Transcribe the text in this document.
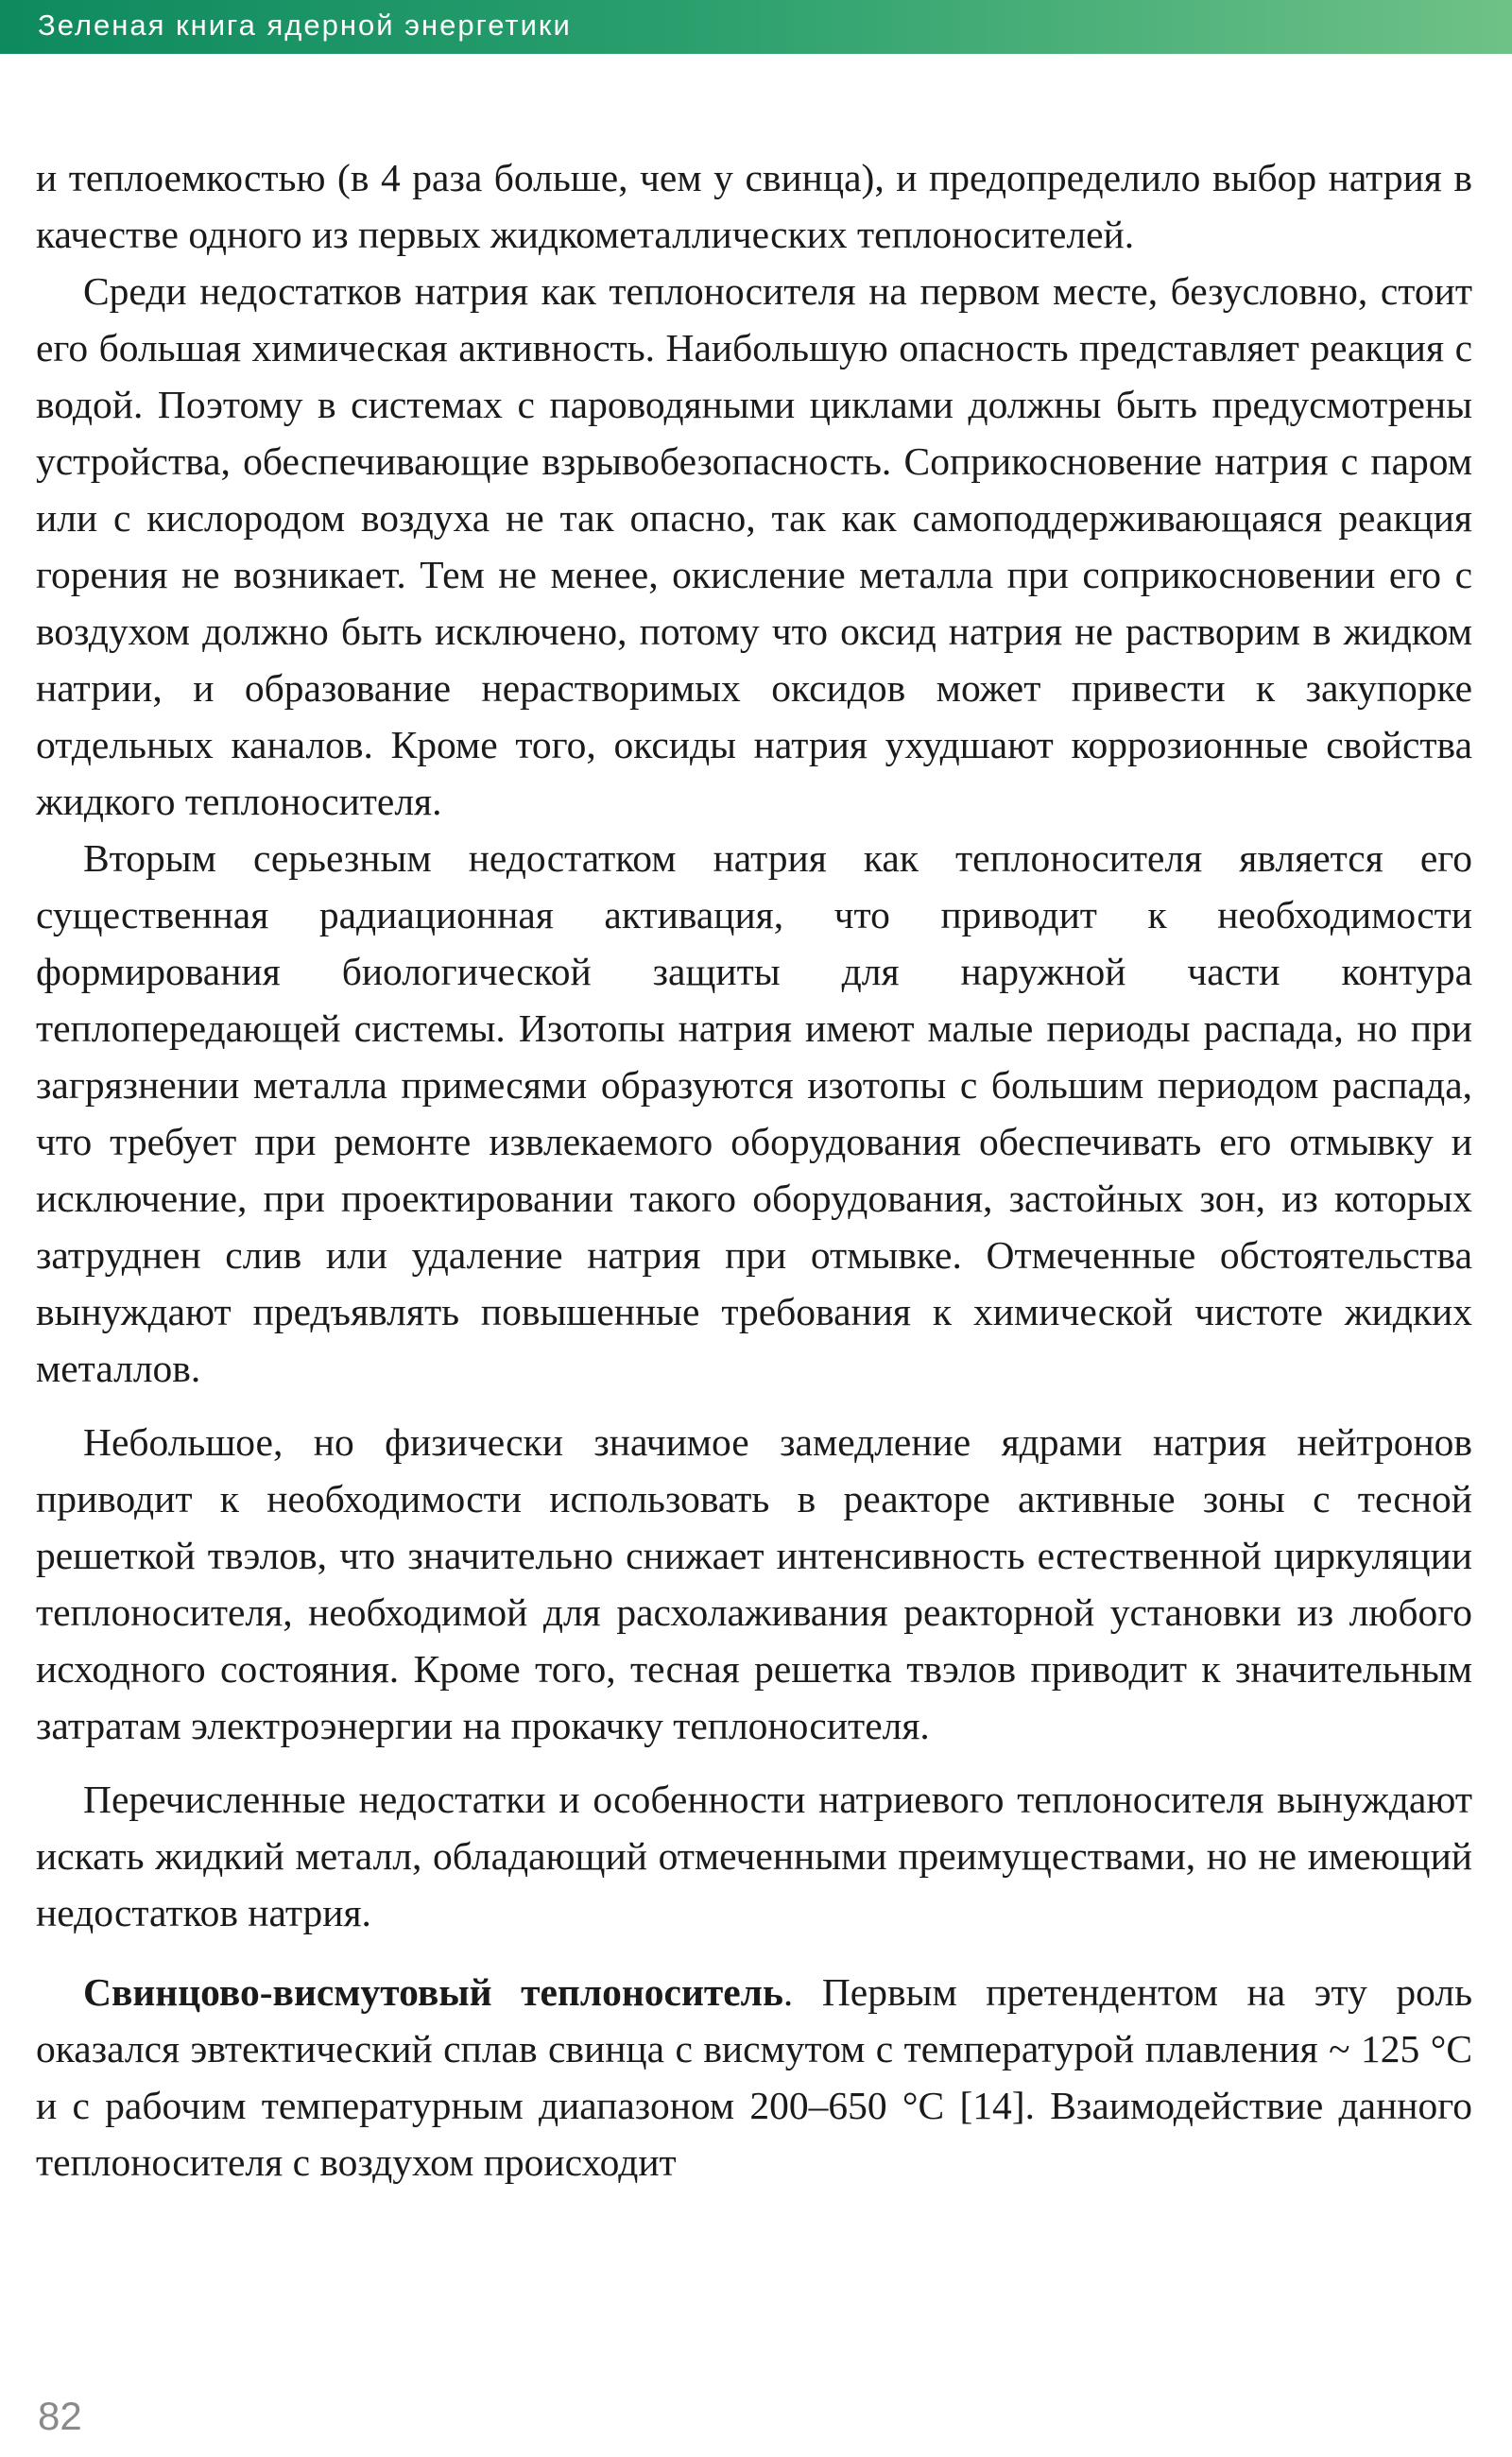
Зеленая книга ядерной энергетики

и теплоемкостью (в 4 раза больше, чем у свинца), и предопределило выбор натрия в качестве одного из первых жидкометаллических теплоносителей.

Среди недостатков натрия как теплоносителя на первом месте, безусловно, стоит его большая химическая активность. Наибольшую опасность представляет реакция с водой. Поэтому в системах с пароводяными циклами должны быть предусмотрены устройства, обеспечивающие взрывобезопасность. Соприкосновение натрия с паром или с кислородом воздуха не так опасно, так как самоподдерживающаяся реакция горения не возникает. Тем не менее, окисление металла при соприкосновении его с воздухом должно быть исключено, потому что оксид натрия не растворим в жидком натрии, и образование нерастворимых оксидов может привести к закупорке отдельных каналов. Кроме того, оксиды натрия ухудшают коррозионные свойства жидкого теплоносителя.

Вторым серьезным недостатком натрия как теплоносителя является его существенная радиационная активация, что приводит к необходимости формирования биологической защиты для наружной части контура теплопередающей системы. Изотопы натрия имеют малые периоды распада, но при загрязнении металла примесями образуются изотопы с большим периодом распада, что требует при ремонте извлекаемого оборудования обеспечивать его отмывку и исключение, при проектировании такого оборудования, застойных зон, из которых затруднен слив или удаление натрия при отмывке. Отмеченные обстоятельства вынуждают предъявлять повышенные требования к химической чистоте жидких металлов.

Небольшое, но физически значимое замедление ядрами натрия нейтронов приводит к необходимости использовать в реакторе активные зоны с тесной решеткой твэлов, что значительно снижает интенсивность естественной циркуляции теплоносителя, необходимой для расхолаживания реакторной установки из любого исходного состояния. Кроме того, тесная решетка твэлов приводит к значительным затратам электроэнергии на прокачку теплоносителя.

Перечисленные недостатки и особенности натриевого теплоносителя вынуждают искать жидкий металл, обладающий отмеченными преимуществами, но не имеющий недостатков натрия.

Свинцово-висмутовый теплоноситель. Первым претендентом на эту роль оказался эвтектический сплав свинца с висмутом с температурой плавления ~ 125 °C и с рабочим температурным диапазоном 200–650 °C [14]. Взаимодействие данного теплоносителя с воздухом происходит

82
